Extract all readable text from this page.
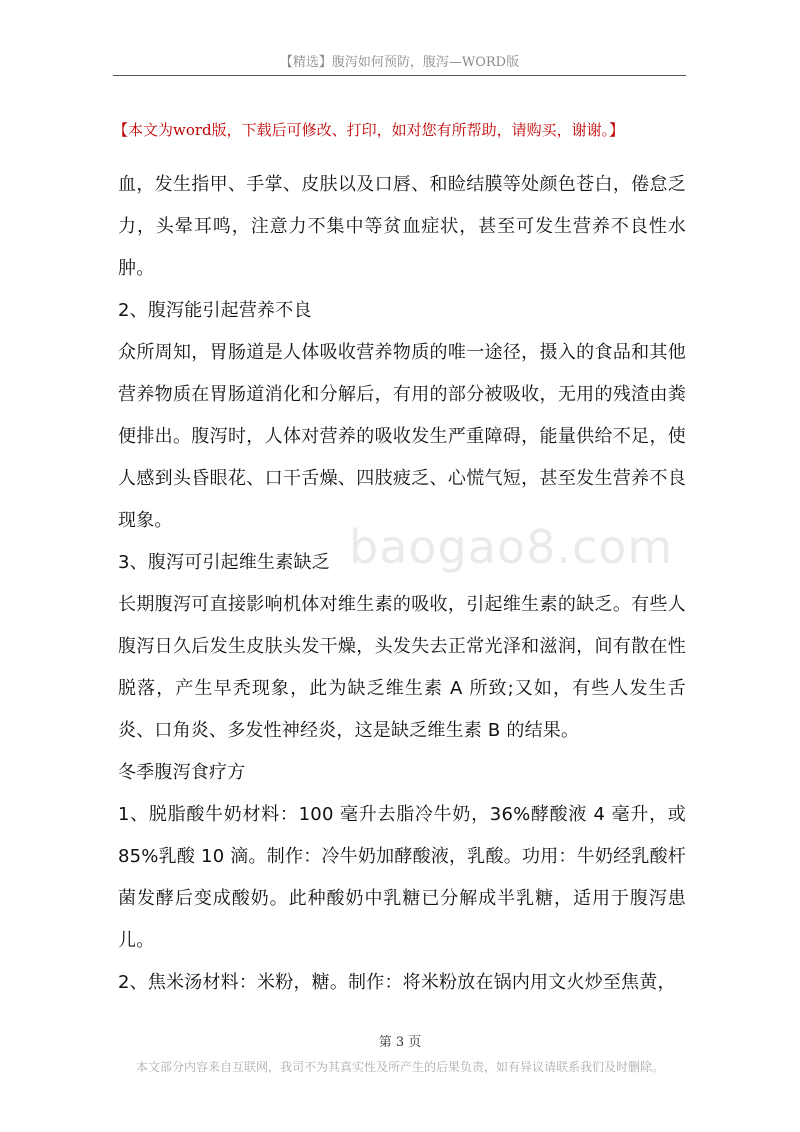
【精选】腹泻如何预防，腹泻—WORD版
【本文为word版，下载后可修改、打印，如对您有所帮助，请购买，谢谢。】

血，发生指甲、手掌、皮肤以及口唇、和睑结膜等处颜色苍白，倦怠乏力，头晕耳鸣，注意力不集中等贫血症状，甚至可发生营养不良性水肿。

2、腹泻能引起营养不良

众所周知，胃肠道是人体吸收营养物质的唯一途径，摄入的食品和其他营养物质在胃肠道消化和分解后，有用的部分被吸收，无用的残渣由粪便排出。腹泻时，人体对营养的吸收发生严重障碍，能量供给不足，使人感到头昏眼花、口干舌燥、四肢疲乏、心慌气短，甚至发生营养不良现象。

3、腹泻可引起维生素缺乏

长期腹泻可直接影响机体对维生素的吸收，引起维生素的缺乏。有些人腹泻日久后发生皮肤头发干燥，头发失去正常光泽和滋润，间有散在性脱落，产生早秃现象，此为缺乏维生素 A 所致;又如，有些人发生舌炎、口角炎、多发性神经炎，这是缺乏维生素 B 的结果。

冬季腹泻食疗方

1、脱脂酸牛奶材料：100 毫升去脂冷牛奶，36%酵酸液 4 毫升，或85%乳酸 10 滴。制作：冷牛奶加酵酸液，乳酸。功用：牛奶经乳酸杆菌发酵后变成酸奶。此种酸奶中乳糖已分解成半乳糖，适用于腹泻患儿。

2、焦米汤材料：米粉，糖。制作：将米粉放在锅内用文火炒至焦黄，

baogao8.com
第 3 页
本文部分内容来自互联网，我司不为其真实性及所产生的后果负责，如有异议请联系我们及时删除。
